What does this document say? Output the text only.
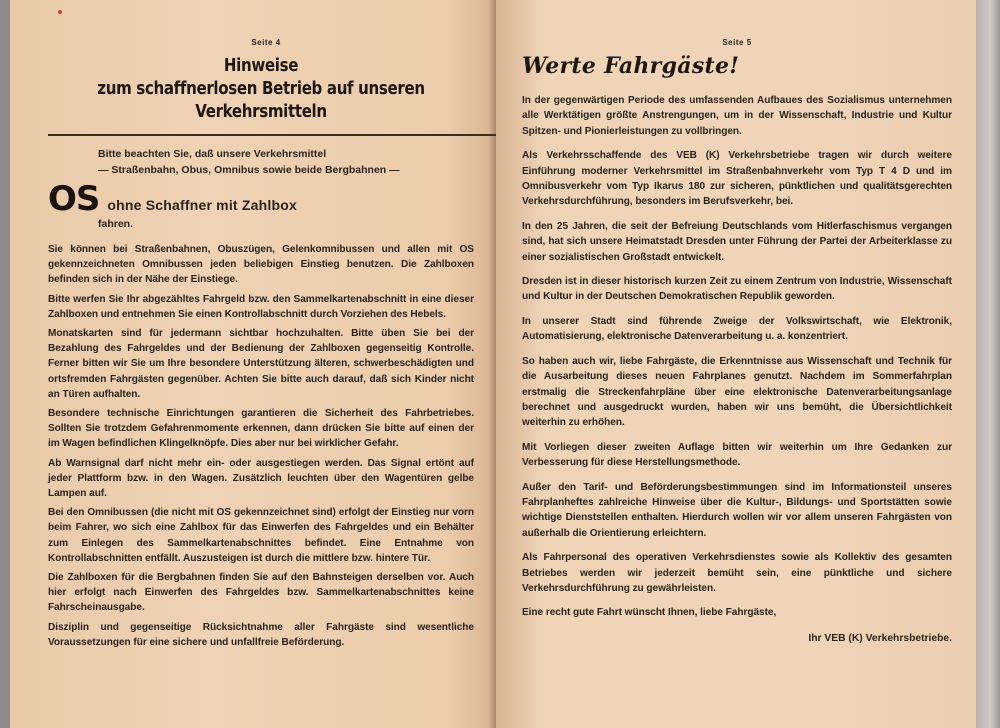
Seite 4
Hinweise
zum schaffnerlosen Betrieb auf unseren Verkehrsmitteln
Bitte beachten Sie, daß unsere Verkehrsmittel
— Straßenbahn, Obus, Omnibus sowie beide Bergbahnen —
OS ohne Schaffner mit Zahlbox
fahren.

Sie können bei Straßenbahnen, Obuszügen, Gelenkomnibussen und allen mit OS gekennzeichneten Omnibussen jeden beliebigen Einstieg benutzen. Die Zahlboxen befinden sich in der Nähe der Einstiege.

Bitte werfen Sie Ihr abgezähltes Fahrgeld bzw. den Sammelkartenabschnitt in eine dieser Zahlboxen und entnehmen Sie einen Kontrollabschnitt durch Vorziehen des Hebels.

Monatskarten sind für jedermann sichtbar hochzuhalten. Bitte üben Sie bei der Bezahlung des Fahrgeldes und der Bedienung der Zahlboxen gegenseitig Kontrolle. Ferner bitten wir Sie um Ihre besondere Unterstützung älteren, schwerbeschädigten und ortsfremden Fahrgästen gegenüber. Achten Sie bitte auch darauf, daß sich Kinder nicht an Türen aufhalten.

Besondere technische Einrichtungen garantieren die Sicherheit des Fahrbetriebes. Sollten Sie trotzdem Gefahrenmomente erkennen, dann drücken Sie bitte auf einen der im Wagen befindlichen Klingelknöpfe. Dies aber nur bei wirklicher Gefahr.

Ab Warnsignal darf nicht mehr ein- oder ausgestiegen werden. Das Signal ertönt auf jeder Plattform bzw. in den Wagen. Zusätzlich leuchten über den Wagentüren gelbe Lampen auf.

Bei den Omnibussen (die nicht mit OS gekennzeichnet sind) erfolgt der Einstieg nur vorn beim Fahrer, wo sich eine Zahlbox für das Einwerfen des Fahrgeldes und ein Behälter zum Einlegen des Sammelkartenabschnittes befindet. Eine Entnahme von Kontrollabschnitten entfällt. Auszusteigen ist durch die mittlere bzw. hintere Tür.

Die Zahlboxen für die Bergbahnen finden Sie auf den Bahnsteigen derselben vor. Auch hier erfolgt nach Einwerfen des Fahrgeldes bzw. Sammelkartenabschnittes keine Fahrscheinausgabe.

Disziplin und gegenseitige Rücksichtnahme aller Fahrgäste sind wesentliche Voraussetzungen für eine sichere und unfallfreie Beförderung.

Seite 5
Werte Fahrgäste!

In der gegenwärtigen Periode des umfassenden Aufbaues des Sozialismus unternehmen alle Werktätigen größte Anstrengungen, um in der Wissenschaft, Industrie und Kultur Spitzen- und Pionierleistungen zu vollbringen.

Als Verkehrsschaffende des VEB (K) Verkehrsbetriebe tragen wir durch weitere Einführung moderner Verkehrsmittel im Straßenbahnverkehr vom Typ T 4 D und im Omnibusverkehr vom Typ Ikarus 180 zur sicheren, pünktlichen und qualitätsgerechten Verkehrsdurchführung, besonders im Berufsverkehr, bei.

In den 25 Jahren, die seit der Befreiung Deutschlands vom Hitlerfaschismus vergangen sind, hat sich unsere Heimatstadt Dresden unter Führung der Partei der Arbeiterklasse zu einer sozialistischen Großstadt entwickelt.

Dresden ist in dieser historisch kurzen Zeit zu einem Zentrum von Industrie, Wissenschaft und Kultur in der Deutschen Demokratischen Republik geworden.

In unserer Stadt sind führende Zweige der Volkswirtschaft, wie Elektronik, Automatisierung, elektronische Datenverarbeitung u. a. konzentriert.

So haben auch wir, liebe Fahrgäste, die Erkenntnisse aus Wissenschaft und Technik für die Ausarbeitung dieses neuen Fahrplanes genutzt. Nachdem im Sommerfahrplan erstmalig die Streckenfahrpläne über eine elektronische Datenverarbeitungsanlage berechnet und ausgedruckt wurden, haben wir uns bemüht, die Übersichtlichkeit weiterhin zu erhöhen.

Mit Vorliegen dieser zweiten Auflage bitten wir weiterhin um Ihre Gedanken zur Verbesserung für diese Herstellungsmethode.

Außer den Tarif- und Beförderungsbestimmungen sind im Informationsteil unseres Fahrplanheftes zahlreiche Hinweise über die Kultur-, Bildungs- und Sportstätten sowie wichtige Dienststellen enthalten. Hierdurch wollen wir vor allem unseren Fahrgästen von außerhalb die Orientierung erleichtern.

Als Fahrpersonal des operativen Verkehrsdienstes sowie als Kollektiv des gesamten Betriebes werden wir jederzeit bemüht sein, eine pünktliche und sichere Verkehrsdurchführung zu gewährleisten.

Eine recht gute Fahrt wünscht Ihnen, liebe Fahrgäste,

Ihr VEB (K) Verkehrsbetriebe.
